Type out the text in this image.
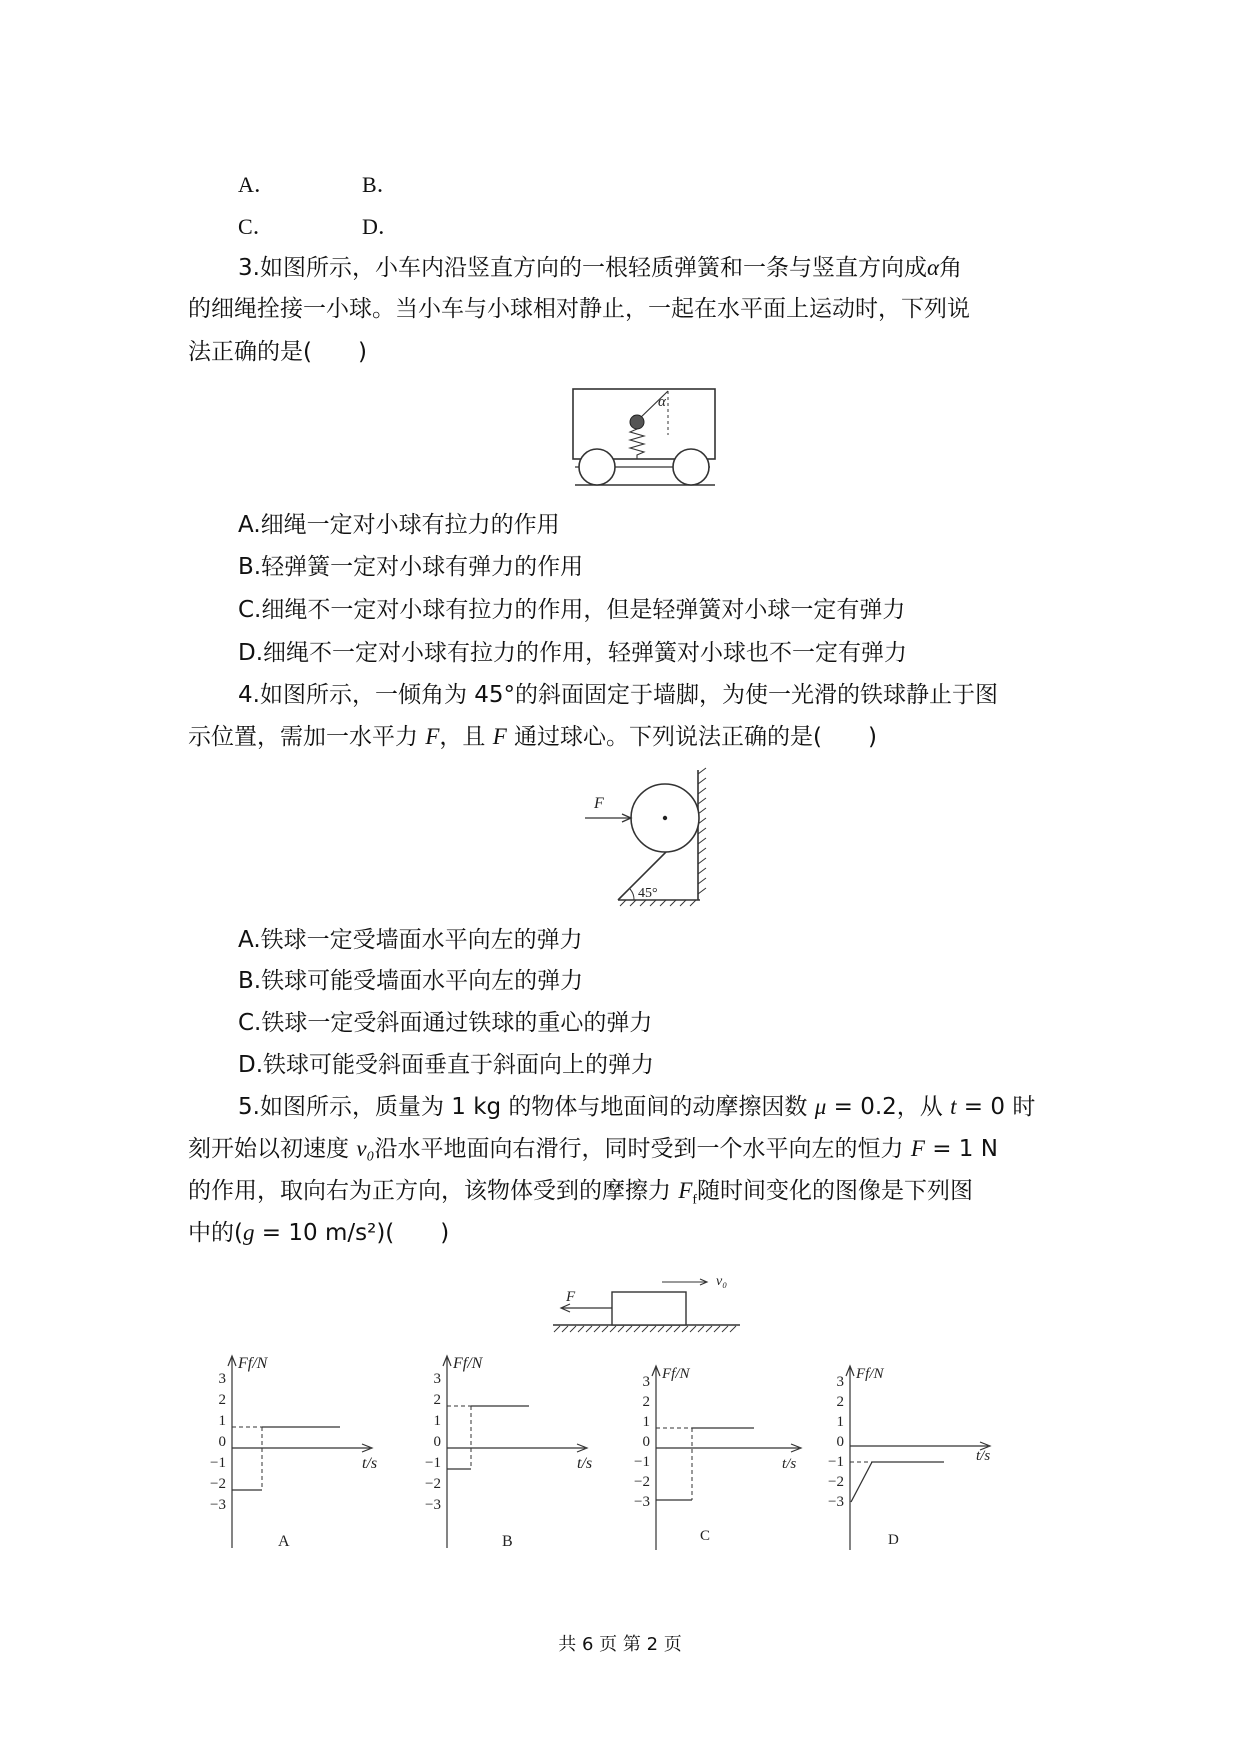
A．	B．
C．	D．
3.如图所示，小车内沿竖直方向的一根轻质弹簧和一条与竖直方向成α角
的细绳拴接一小球。当小车与小球相对静止，一起在水平面上运动时，下列说
法正确的是(　　)
α
A.细绳一定对小球有拉力的作用
B.轻弹簧一定对小球有弹力的作用
C.细绳不一定对小球有拉力的作用，但是轻弹簧对小球一定有弹力
D.细绳不一定对小球有拉力的作用，轻弹簧对小球也不一定有弹力
4.如图所示，一倾角为 45°的斜面固定于墙脚，为使一光滑的铁球静止于图
示位置，需加一水平力 F，且 F 通过球心。下列说法正确的是(　　)
F
45°
A.铁球一定受墙面水平向左的弹力
B.铁球可能受墙面水平向左的弹力
C.铁球一定受斜面通过铁球的重心的弹力
D.铁球可能受斜面垂直于斜面向上的弹力
5.如图所示，质量为 1 kg 的物体与地面间的动摩擦因数 μ = 0.2，从 t = 0 时
刻开始以初速度 v₀沿水平地面向右滑行，同时受到一个水平向左的恒力 F = 1 N
的作用，取向右为正方向，该物体受到的摩擦力 $F_f$随时间变化的图像是下列图
中的(g = 10 m/s²)(　　)
F
v₀
Ff/N
t/s
3
2
1
0
−1
−2
−3
A
Ff/N
t/s
3
2
1
0
−1
−2
−3
B
Ff/N
t/s
3
2
1
0
−1
−2
−3
C
Ff/N
t/s
3
2
1
0
−1
−2
−3
D
共 6 页 第 2 页
